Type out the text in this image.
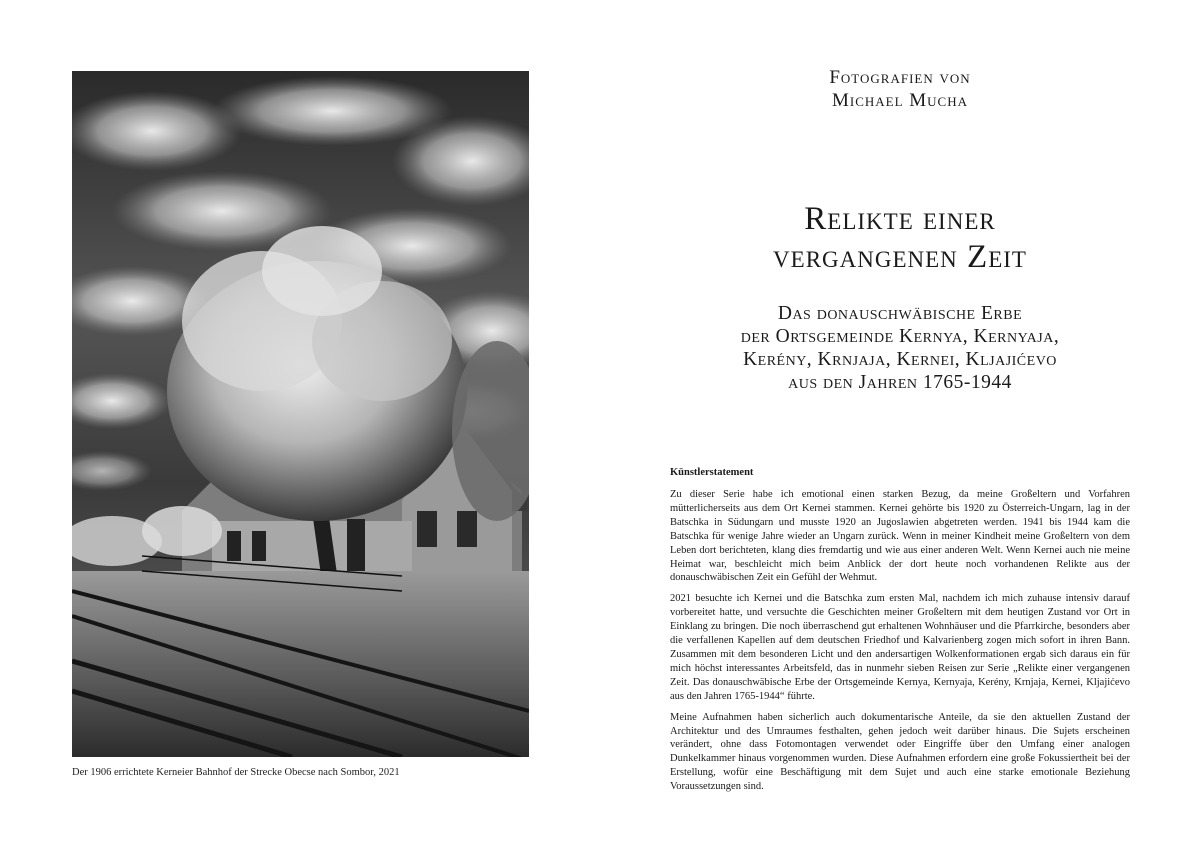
Der 1906 errichtete Kerneier Bahnhof der Strecke Obecse nach Sombor, 2021
Fotografien von
Michael Mucha
Relikte einer
vergangenen Zeit
Das donauschwäbische Erbe
der Ortsgemeinde Kernya, Kernyaja,
Kerény, Krnjaja, Kernei, Kljajićevo
aus den Jahren 1765-1944
Künstlerstatement

Zu dieser Serie habe ich emotional einen starken Bezug, da meine Großeltern und Vorfahren mütterlicherseits aus dem Ort Kernei stammen. Kernei gehörte bis 1920 zu Österreich-Ungarn, lag in der Batschka in Südungarn und musste 1920 an Jugoslawien abgetreten werden. 1941 bis 1944 kam die Batschka für wenige Jahre wieder an Ungarn zurück. Wenn in meiner Kindheit meine Großeltern von dem Leben dort berichteten, klang dies fremdartig und wie aus einer anderen Welt. Wenn Kernei auch nie meine Heimat war, beschleicht mich beim Anblick der dort heute noch vorhandenen Relikte aus der donauschwäbischen Zeit ein Gefühl der Wehmut.

2021 besuchte ich Kernei und die Batschka zum ersten Mal, nachdem ich mich zuhause intensiv darauf vorbereitet hatte, und versuchte die Geschichten meiner Großeltern mit dem heutigen Zustand vor Ort in Einklang zu bringen. Die noch überraschend gut erhaltenen Wohnhäuser und die Pfarrkirche, besonders aber die verfallenen Kapellen auf dem deutschen Friedhof und Kalvarienberg zogen mich sofort in ihren Bann. Zusammen mit dem besonderen Licht und den andersartigen Wolkenformationen ergab sich daraus ein für mich höchst interessantes Arbeitsfeld, das in nunmehr sieben Reisen zur Serie „Relikte einer vergangenen Zeit. Das donauschwäbische Erbe der Ortsgemeinde Kernya, Kernyaja, Kerény, Krnjaja, Kernei, Kljajićevo aus den Jahren 1765-1944“ führte.

Meine Aufnahmen haben sicherlich auch dokumentarische Anteile, da sie den aktuellen Zustand der Architektur und des Umraumes festhalten, gehen jedoch weit darüber hinaus. Die Sujets erscheinen verändert, ohne dass Fotomontagen verwendet oder Eingriffe über den Umfang einer analogen Dunkelkammer hinaus vorgenommen wurden. Diese Aufnahmen erfordern eine große Fokussiertheit bei der Erstellung, wofür eine Beschäftigung mit dem Sujet und auch eine starke emotionale Beziehung Voraussetzungen sind.
